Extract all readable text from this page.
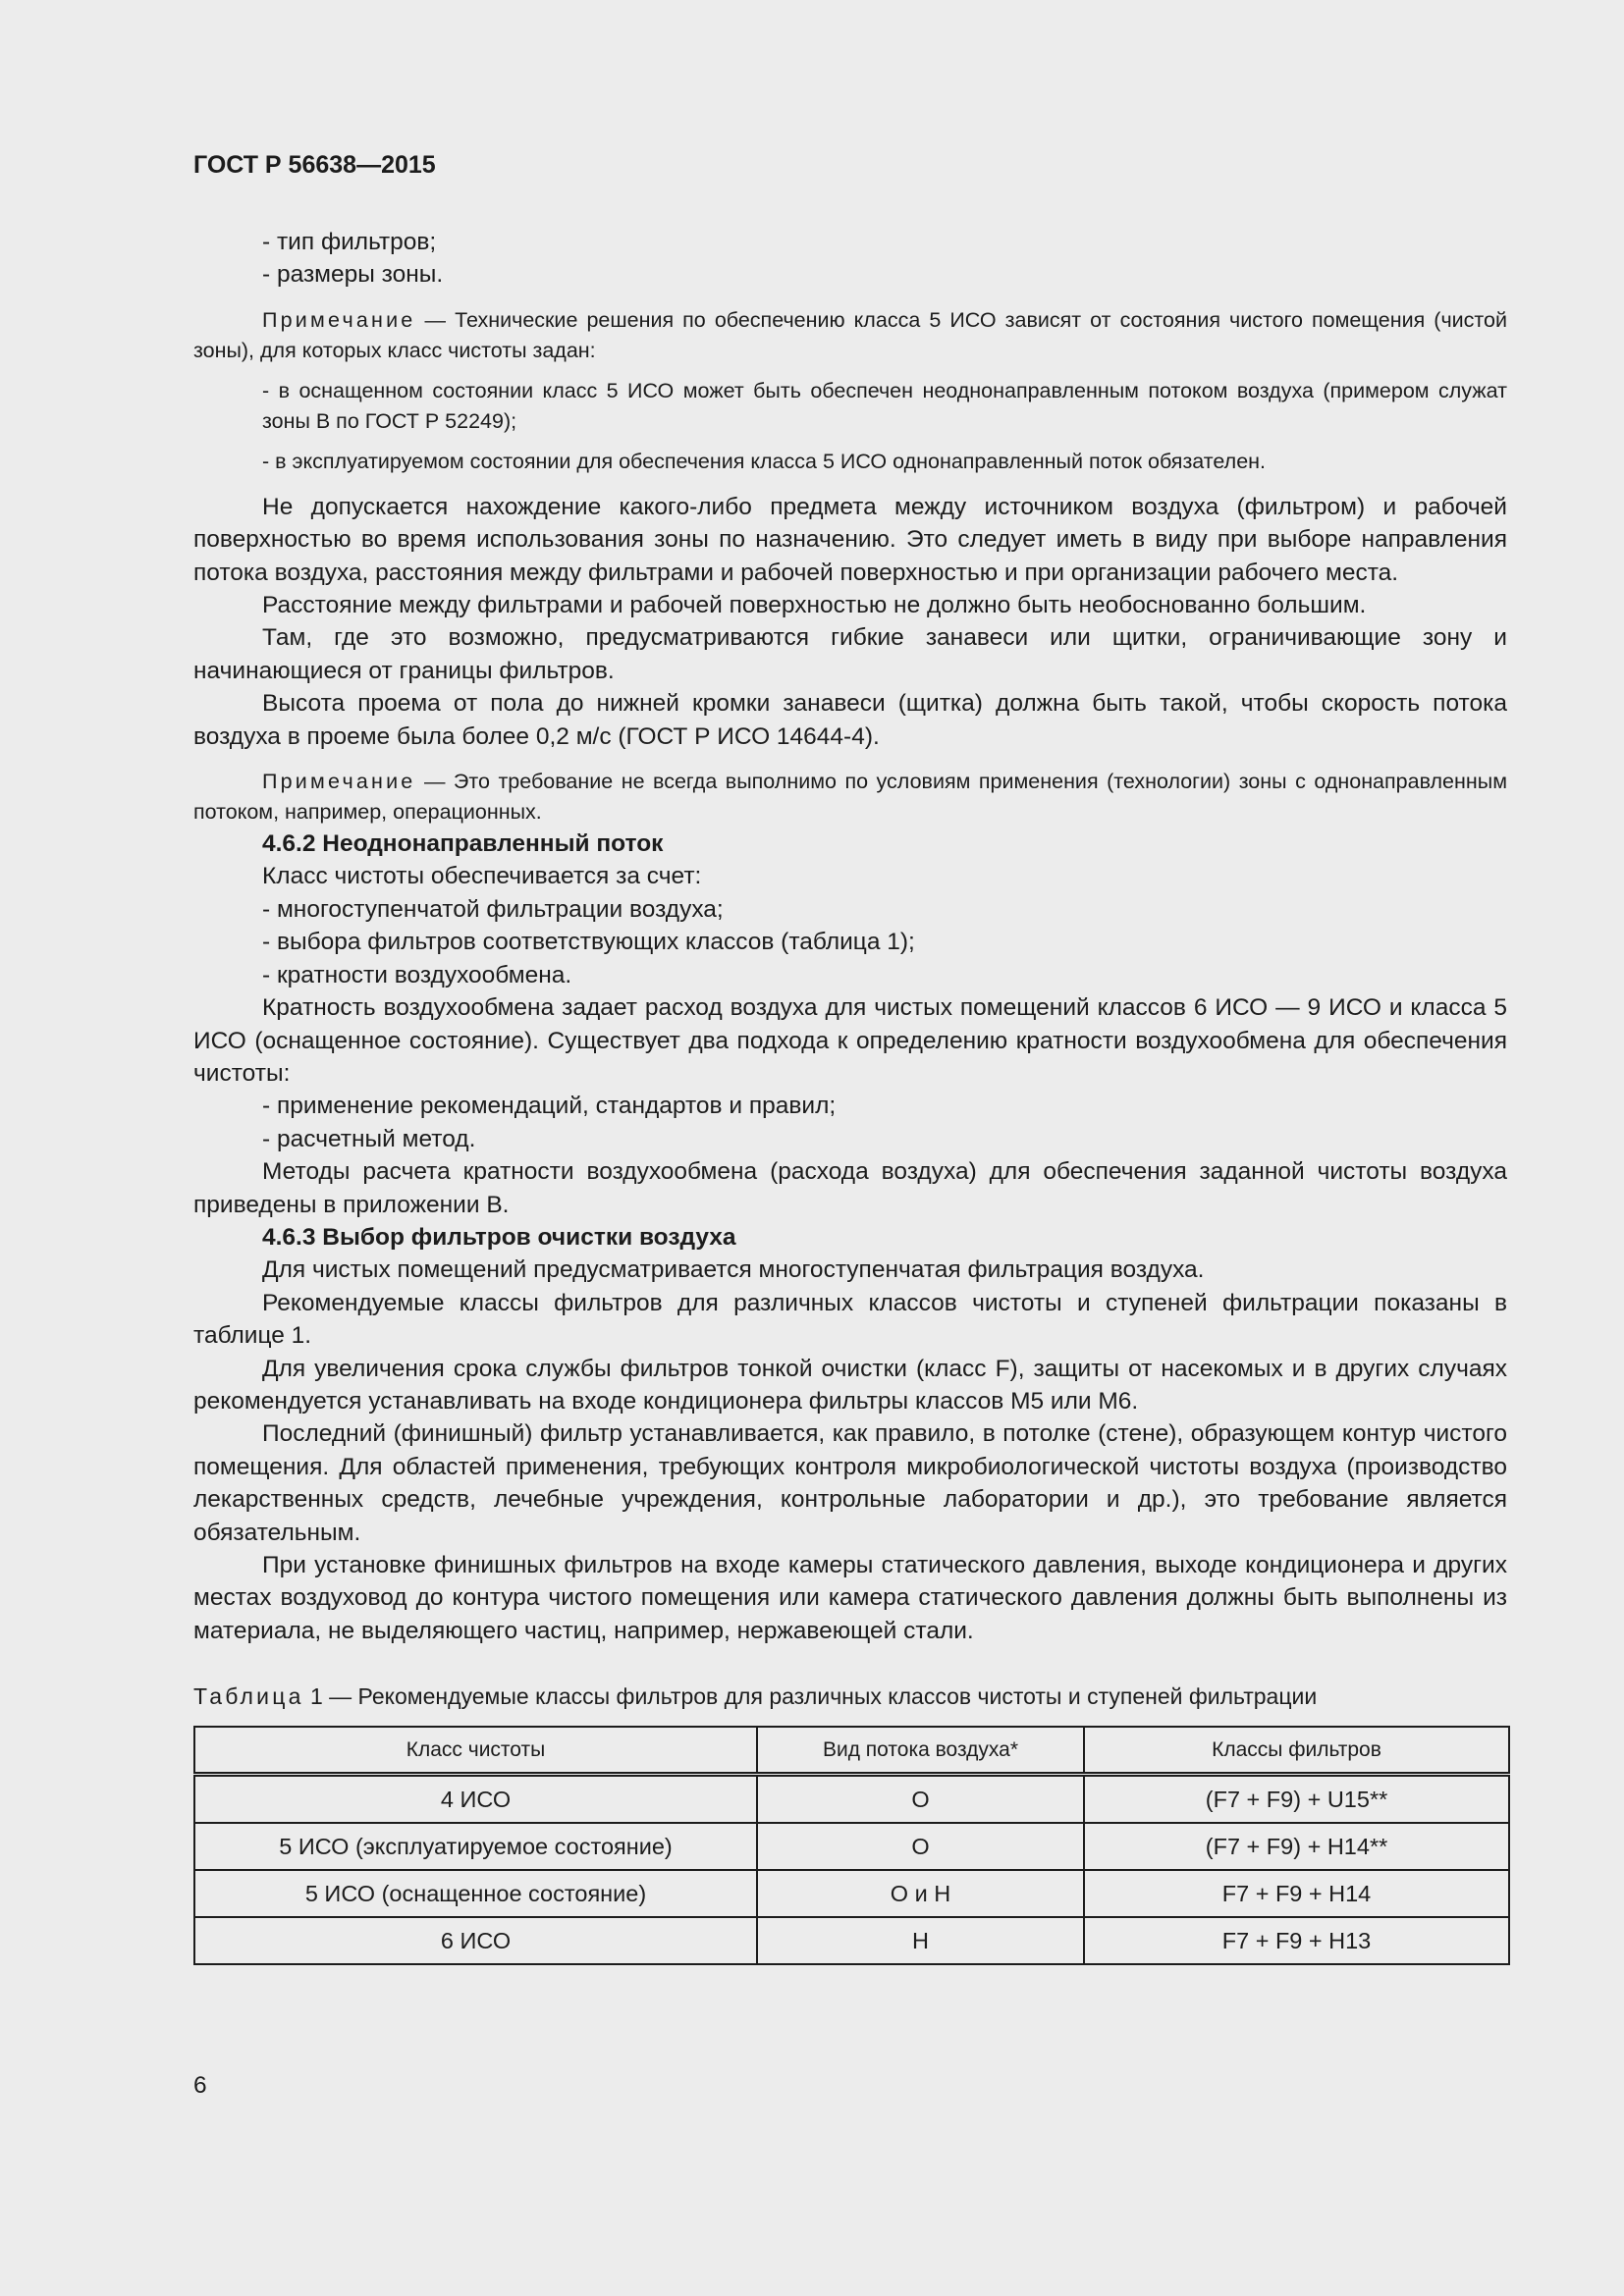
ГОСТ Р 56638—2015

- тип фильтров;

- размеры зоны.

Примечание — Технические решения по обеспечению класса 5 ИСО зависят от состояния чистого помещения (чистой зоны), для которых класс чистоты задан:

- в оснащенном состоянии класс 5 ИСО может быть обеспечен неоднонаправленным потоком воздуха (примером служат зоны В по ГОСТ Р 52249);

- в эксплуатируемом состоянии для обеспечения класса 5 ИСО однонаправленный поток обязателен.

Не допускается нахождение какого-либо предмета между источником воздуха (фильтром) и рабочей поверхностью во время использования зоны по назначению. Это следует иметь в виду при выборе направления потока воздуха, расстояния между фильтрами и рабочей поверхностью и при организации рабочего места.

Расстояние между фильтрами и рабочей поверхностью не должно быть необоснованно большим.

Там, где это возможно, предусматриваются гибкие занавеси или щитки, ограничивающие зону и начинающиеся от границы фильтров.

Высота проема от пола до нижней кромки занавеси (щитка) должна быть такой, чтобы скорость потока воздуха в проеме была более 0,2 м/с (ГОСТ Р ИСО 14644-4).

Примечание — Это требование не всегда выполнимо по условиям применения (технологии) зоны с однонаправленным потоком, например, операционных.

4.6.2 Неоднонаправленный поток

Класс чистоты обеспечивается за счет:

- многоступенчатой фильтрации воздуха;

- выбора фильтров соответствующих классов (таблица 1);

- кратности воздухообмена.

Кратность воздухообмена задает расход воздуха для чистых помещений классов 6 ИСО — 9 ИСО и класса 5 ИСО (оснащенное состояние). Существует два подхода к определению кратности воздухообмена для обеспечения чистоты:

- применение рекомендаций, стандартов и правил;

- расчетный метод.

Методы расчета кратности воздухообмена (расхода воздуха) для обеспечения заданной чистоты воздуха приведены в приложении В.

4.6.3 Выбор фильтров очистки воздуха

Для чистых помещений предусматривается многоступенчатая фильтрация воздуха.

Рекомендуемые классы фильтров для различных классов чистоты и ступеней фильтрации показаны в таблице 1.

Для увеличения срока службы фильтров тонкой очистки (класс F), защиты от насекомых и в других случаях рекомендуется устанавливать на входе кондиционера фильтры классов М5 или М6.

Последний (финишный) фильтр устанавливается, как правило, в потолке (стене), образующем контур чистого помещения. Для областей применения, требующих контроля микробиологической чистоты воздуха (производство лекарственных средств, лечебные учреждения, контрольные лаборатории и др.), это требование является обязательным.

При установке финишных фильтров на входе камеры статического давления, выходе кондиционера и других местах воздуховод до контура чистого помещения или камера статического давления должны быть выполнены из материала, не выделяющего частиц, например, нержавеющей стали.

Таблица 1 — Рекомендуемые классы фильтров для различных классов чистоты и ступеней фильтрации
Класс чистоты	Вид потока воздуха*	Классы фильтров
4 ИСО	О	(F7 + F9) + U15**
5 ИСО (эксплуатируемое состояние)	О	(F7 + F9) + H14**
5 ИСО (оснащенное состояние)	О и Н	F7 + F9 + H14
6 ИСО	Н	F7 + F9 + H13
6
